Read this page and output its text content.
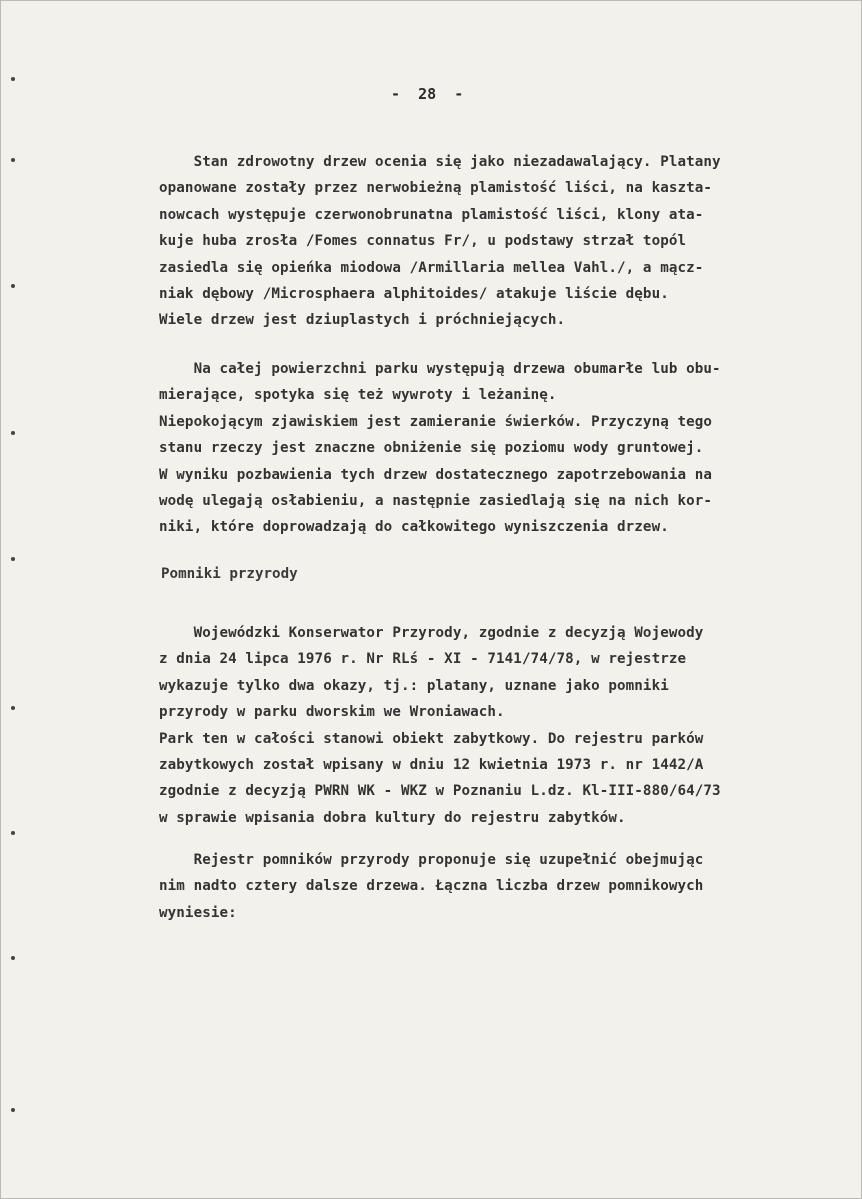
-  28  -
Stan zdrowotny drzew ocenia się jako niezadawalający. Platany
opanowane zostały przez nerwobieżną plamistość liści, na kaszta-
nowcach występuje czerwonobrunatna plamistość liści, klony ata-
kuje huba zrosła /Fomes connatus Fr/, u podstawy strzał topól
zasiedla się opieńka miodowa /Armillaria mellea Vahl./, a mącz-
niak dębowy /Microsphaera alphitoides/ atakuje liście dębu.
Wiele drzew jest dziuplastych i próchniejących.
Na całej powierzchni parku występują drzewa obumarłe lub obu-
mierające, spotyka się też wywroty i leżaninę.
Niepokojącym zjawiskiem jest zamieranie świerków. Przyczyną tego
stanu rzeczy jest znaczne obniżenie się poziomu wody gruntowej.
W wyniku pozbawienia tych drzew dostatecznego zapotrzebowania na
wodę ulegają osłabieniu, a następnie zasiedlają się na nich kor-
niki, które doprowadzają do całkowitego wyniszczenia drzew.
Pomniki przyrody
Wojewódzki Konserwator Przyrody, zgodnie z decyzją Wojewody
z dnia 24 lipca 1976 r. Nr RLś - XI - 7141/74/78, w rejestrze
wykazuje tylko dwa okazy, tj.: platany, uznane jako pomniki
przyrody w parku dworskim we Wroniawach.
Park ten w całości stanowi obiekt zabytkowy. Do rejestru parków
zabytkowych został wpisany w dniu 12 kwietnia 1973 r. nr 1442/A
zgodnie z decyzją PWRN WK - WKZ w Poznaniu L.dz. Kl-III-880/64/73
w sprawie wpisania dobra kultury do rejestru zabytków.
Rejestr pomników przyrody proponuje się uzupełnić obejmując
nim nadto cztery dalsze drzewa. Łączna liczba drzew pomnikowych
wyniesie:
